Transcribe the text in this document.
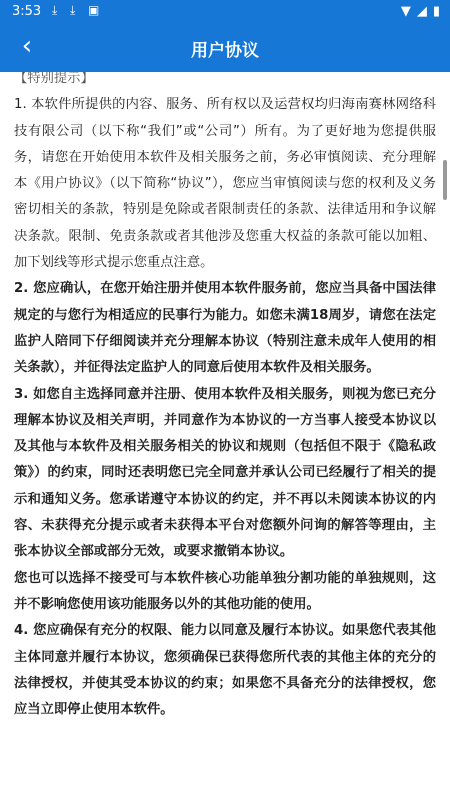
3:53 ⤓ ⤓ ▣	▼ ◢ ▮
‹	用户协议

【特别提示】

1. 本软件所提供的内容、服务、所有权以及运营权均归海南赛林网络科技有限公司（以下称“我们”或“公司”）所有。为了更好地为您提供服务，请您在开始使用本软件及相关服务之前，务必审慎阅读、充分理解本《用户协议》（以下简称“协议”），您应当审慎阅读与您的权利及义务密切相关的条款，特别是免除或者限制责任的条款、法律适用和争议解决条款。限制、免责条款或者其他涉及您重大权益的条款可能以加粗、加下划线等形式提示您重点注意。

2. 您应确认，在您开始注册并使用本软件服务前，您应当具备中国法律规定的与您行为相适应的民事行为能力。如您未满18周岁，请您在法定监护人陪同下仔细阅读并充分理解本协议（特别注意未成年人使用的相关条款），并征得法定监护人的同意后使用本软件及相关服务。

3. 如您自主选择同意并注册、使用本软件及相关服务，则视为您已充分理解本协议及相关声明，并同意作为本协议的一方当事人接受本协议以及其他与本软件及相关服务相关的协议和规则（包括但不限于《隐私政策》）的约束，同时还表明您已完全同意并承认公司已经履行了相关的提示和通知义务。您承诺遵守本协议的约定，并不再以未阅读本协议的内容、未获得充分提示或者未获得本平台对您额外问询的解答等理由，主张本协议全部或部分无效，或要求撤销本协议。

您也可以选择不接受可与本软件核心功能单独分割功能的单独规则，这并不影响您使用该功能服务以外的其他功能的使用。

4. 您应确保有充分的权限、能力以同意及履行本协议。如果您代表其他主体同意并履行本协议，您须确保已获得您所代表的其他主体的充分的法律授权，并使其受本协议的约束；如果您不具备充分的法律授权，您应当立即停止使用本软件。
